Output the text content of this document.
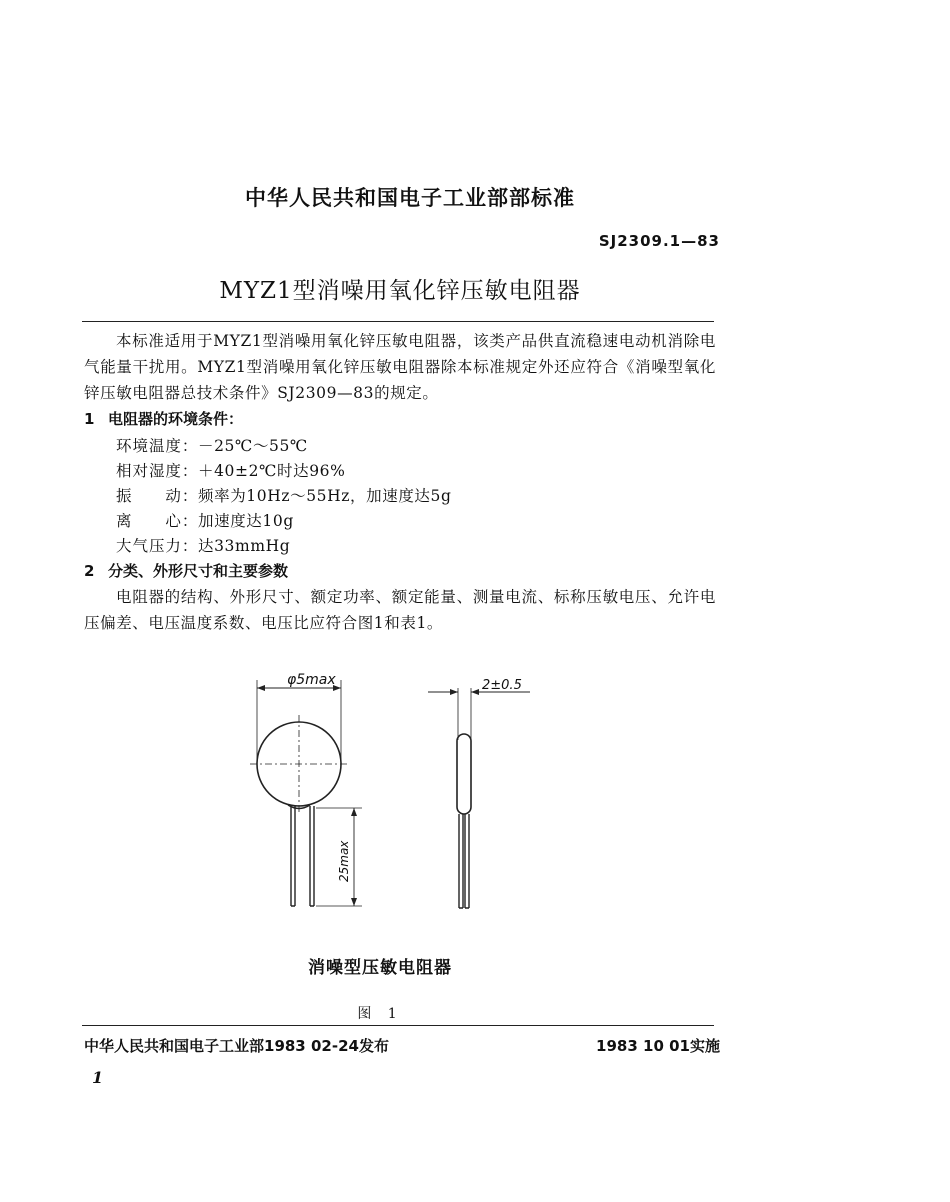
中华人民共和国电子工业部部标准
SJ2309.1—83
MYZ1型消噪用氧化锌压敏电阻器
本标准适用于MYZ1型消噪用氧化锌压敏电阻器，该类产品供直流稳速电动机消除电气能量干扰用。MYZ1型消噪用氧化锌压敏电阻器除本标准规定外还应符合《消噪型氧化锌压敏电阻器总技术条件》SJ2309—83的规定。
1 电阻器的环境条件：
环境温度：－25℃～55℃
相对湿度：＋40±2℃时达96%
振　　动：频率为10Hz～55Hz，加速度达5g
离　　心：加速度达10g
大气压力：达33mmHg
2 分类、外形尺寸和主要参数
电阻器的结构、外形尺寸、额定功率、额定能量、测量电流、标称压敏电压、允许电压偏差、电压温度系数、电压比应符合图1和表1。
φ5max
25max
2±0.5
消噪型压敏电阻器
图 1
中华人民共和国电子工业部1983 02-24发布	1983 10 01实施
1
